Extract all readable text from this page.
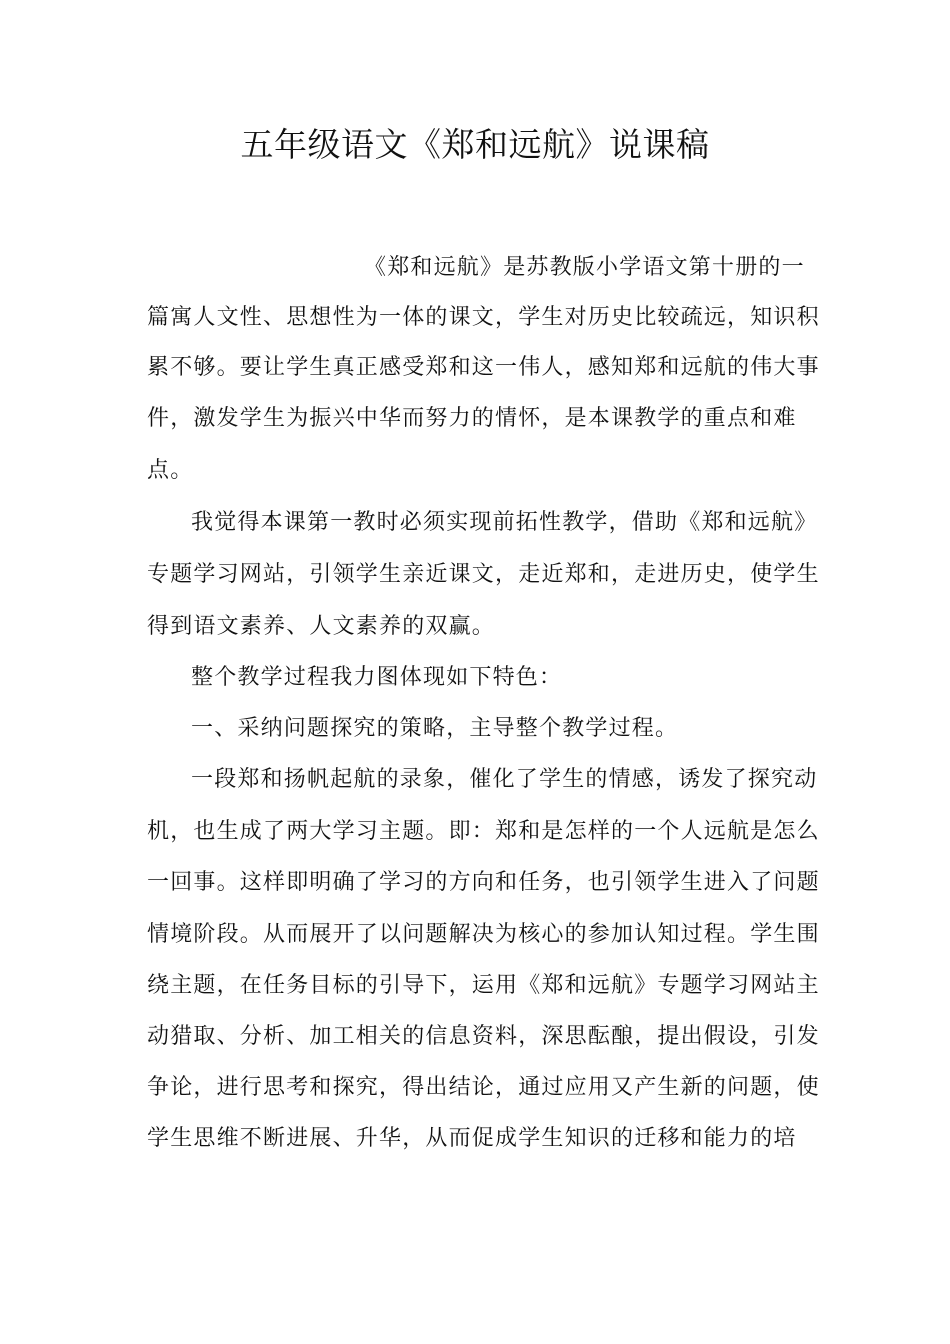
五年级语文《郑和远航》说课稿
《郑和远航》是苏教版小学语文第十册的一
篇寓人文性、思想性为一体的课文，学生对历史比较疏远，知识积
累不够。要让学生真正感受郑和这一伟人，感知郑和远航的伟大事
件，激发学生为振兴中华而努力的情怀，是本课教学的重点和难
点。
我觉得本课第一教时必须实现前拓性教学，借助《郑和远航》
专题学习网站，引领学生亲近课文，走近郑和，走进历史，使学生
得到语文素养、人文素养的双赢。
整个教学过程我力图体现如下特色：
一、采纳问题探究的策略，主导整个教学过程。
一段郑和扬帆起航的录象，催化了学生的情感，诱发了探究动
机，也生成了两大学习主题。即：郑和是怎样的一个人远航是怎么
一回事。这样即明确了学习的方向和任务，也引领学生进入了问题
情境阶段。从而展开了以问题解决为核心的参加认知过程。学生围
绕主题，在任务目标的引导下，运用《郑和远航》专题学习网站主
动猎取、分析、加工相关的信息资料，深思酝酿，提出假设，引发
争论，进行思考和探究，得出结论，通过应用又产生新的问题，使
学生思维不断进展、升华，从而促成学生知识的迁移和能力的培
